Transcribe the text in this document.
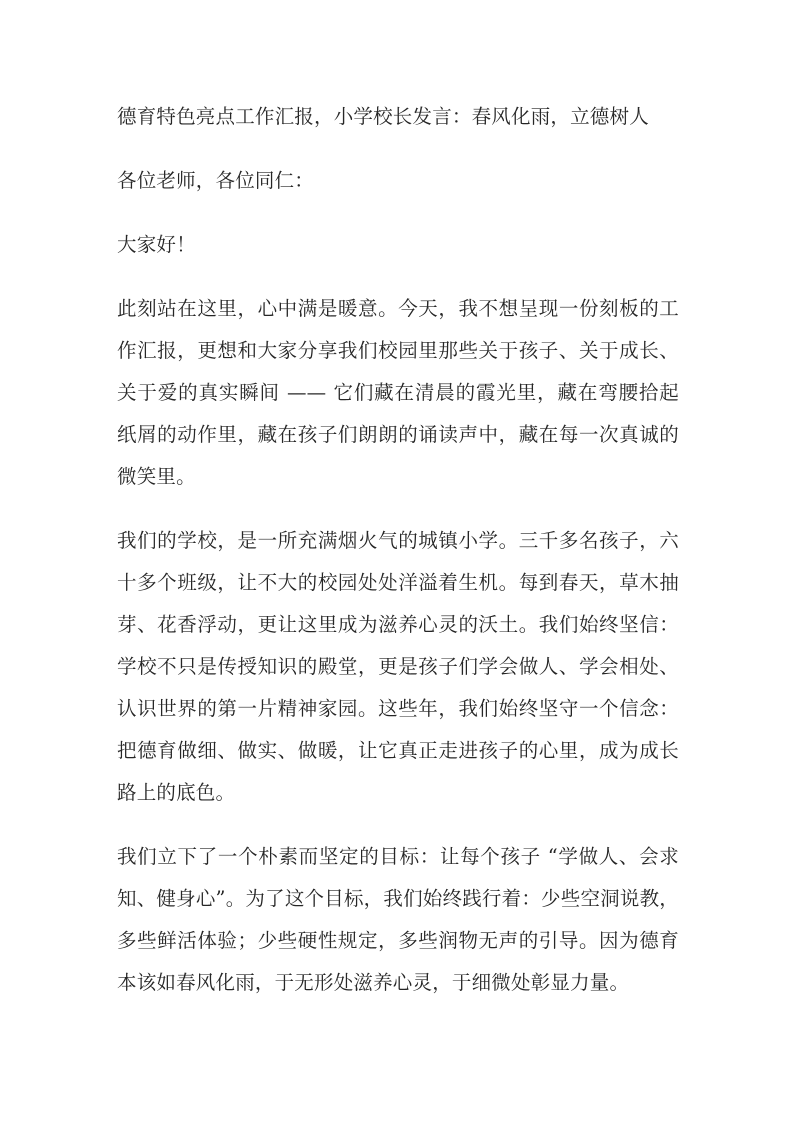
德育特色亮点工作汇报，小学校长发言：春风化雨，立德树人

各位老师，各位同仁：

大家好！

此刻站在这里，心中满是暖意。今天，我不想呈现一份刻板的工作汇报，更想和大家分享我们校园里那些关于孩子、关于成长、关于爱的真实瞬间 —— 它们藏在清晨的霞光里，藏在弯腰拾起纸屑的动作里，藏在孩子们朗朗的诵读声中，藏在每一次真诚的微笑里。

我们的学校，是一所充满烟火气的城镇小学。三千多名孩子，六十多个班级，让不大的校园处处洋溢着生机。每到春天，草木抽芽、花香浮动，更让这里成为滋养心灵的沃土。我们始终坚信：学校不只是传授知识的殿堂，更是孩子们学会做人、学会相处、认识世界的第一片精神家园。这些年，我们始终坚守一个信念：把德育做细、做实、做暖，让它真正走进孩子的心里，成为成长路上的底色。

我们立下了一个朴素而坚定的目标：让每个孩子 “学做人、会求知、健身心”。为了这个目标，我们始终践行着：少些空洞说教，多些鲜活体验；少些硬性规定，多些润物无声的引导。因为德育本该如春风化雨，于无形处滋养心灵，于细微处彰显力量。
